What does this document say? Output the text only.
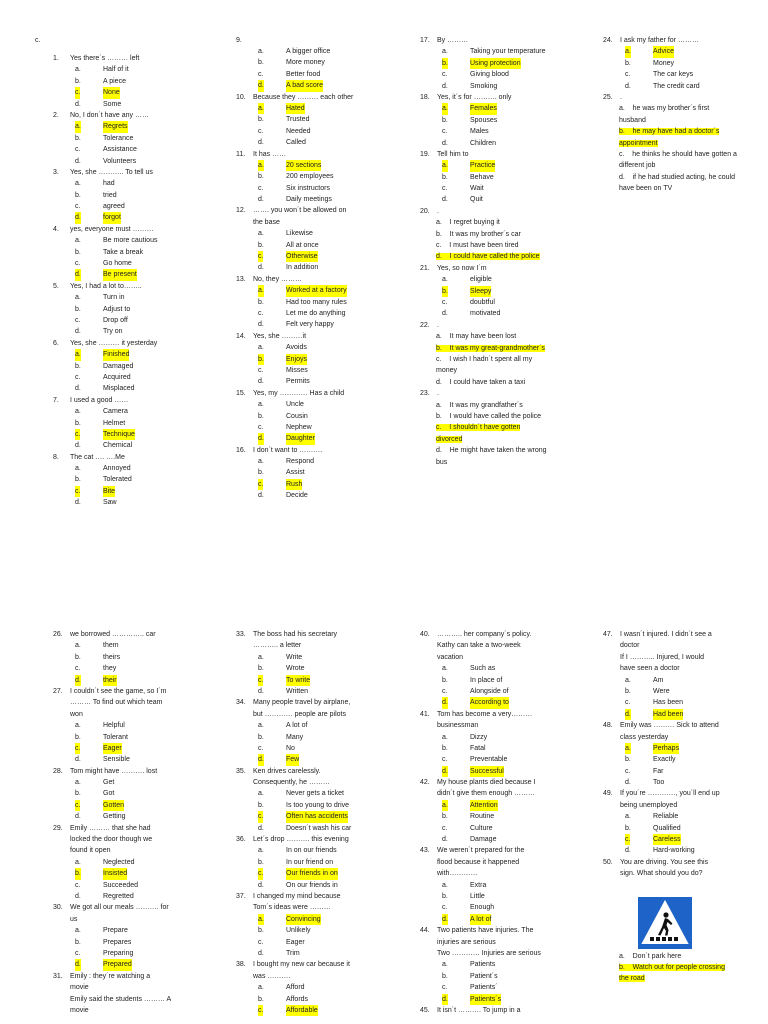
c.
1. Yes there´s ……… left
a.	Half of it
b.	A piece
c.	None
d.	Some
2. No, I don´t have any ……
a.	Regrets
b.	Tolerance
c.	Assistance
d.	Volunteers
3. Yes, she ……….. To tell us
a.	had
b.	tried
c.	agreed
d.	forgot
4. yes, everyone must ………
a.	Be more cautious
b.	Take a break
c.	Go home
d.	Be present
5. Yes, I had a lot to……..
a.	Turn in
b.	Adjust to
c.	Drop off
d.	Try on
6. Yes, she ……… it yesterday
a.	Finished
b.	Damaged
c.	Acquired
d.	Misplaced
7. I used a good ……
a.	Camera
b.	Helmet
c.	Technique
d.	Chemical
8. The cat …. ….Me
a.	Annoyed
b.	Tolerated
c.	Bite
d.	Saw
9.
a.	A bigger office
b.	More money
c.	Better food
d.	A bad score
10. Because they ……… each other
a.	Hated
b.	Trusted
c.	Needed
d.	Called
11. It has ……
a.	20 sections
b.	200 employees
c.	Six instructors
d.	Daily meetings
12. ……. you won´t be allowed on
the base
a.	Likewise
b.	All at once
c.	Otherwise
d.	In addition
13. No, they ………
a.	Worked at a factory
b.	Had too many rules
c.	Let me do anything
d.	Felt very happy
14. Yes, she ………it
a.	Avoids
b.	Enjoys
c.	Misses
d.	Permits
15. Yes, my ………… Has a child
a.	Uncle
b.	Cousin
c.	Nephew
d.	Daughter
16. I don´t want to ……….
a.	Respond
b.	Assist
c.	Rush
d.	Decide
17. By ………
a.	Taking your temperature
b.	Using protection
c.	Giving blood
d.	Smoking
18. Yes, it´s for ………. only
a.	Females
b.	Spouses
c.	Males
d.	Children
19. Tell him to
a.	Practice
b.	Behave
c.	Wait
d.	Quit
20. .
a. I regret buying it
b. It was my brother´s car
c. I must have been tired
d. I could have called the police
21. Yes, so now I´m
a.	eligible
b.	Sleepy
c.	doubtful
d.	motivated
22. .
a. It may have been lost
b. It was my great-grandmother´s
c. I wish I hadn´t spent all my money
d. I could have taken a taxi
23. .
a. It was my grandfather´s
b. I would have called the police
c. I shouldn´t have gotten divorced
d. He might have taken the wrong bus
24. I ask my father for ………
a.	Advice
b.	Money
c.	The car keys
d.	The credit card
25. .
a. he was my brother´s first husband
b. he may have had a doctor´s appointment
c. he thinks he should have gotten a different job
d. if he had studied acting, he could have been on TV
26. we borrowed ………….. car
a.	them
b.	theirs
c.	they
d.	their
27. I couldn´t see the game, so I´m
……… To find out which team
won
a.	Helpful
b.	Tolerant
c.	Eager
d.	Sensible
28. Tom might have ………. lost
a.	Get
b.	Got
c.	Gotten
d.	Getting
29. Emily ……… that she had
locked the door though we
found it open
a.	Neglected
b.	Insisted
c.	Succeeded
d.	Regretted
30. We got all our meals ………. for
us
a.	Prepare
b.	Prepares
c.	Preparing
d.	Prepared
31. Emily : they´re watching a
movie
Emily said the students ……… A
movie
33. The boss had his secretary
……….. a letter
a.	Write
b.	Wrote
c.	To write
d.	Written
34. Many people travel by airplane,
but ………… people are pilots
a.	A lot of
b.	Many
c.	No
d.	Few
35. Ken drives carelessly.
Consequently, he ………
a.	Never gets a ticket
b.	Is too young to drive
c.	Often has accidents
d.	Doesn´t wash his car
36. Let´s drop ………. this evening
a.	In on our friends
b.	In our friend on
c.	Our friends in on
d.	On our friends in
37. I changed my mind because
Tom´s ideas were ………
a.	Convincing
b.	Unlikely
c.	Eager
d.	Trim
38. I bought my new car because it
was ……….
a.	Afford
b.	Affords
c.	Affordable
40. ……….. her company´s policy.
Kathy can take a two-week
vacation
a.	Such as
b.	In place of
c.	Alongside of
d.	According to
41. Tom has become a very………
businessman
a.	Dizzy
b.	Fatal
c.	Preventable
d.	Successful
42. My house plants died because I
didn´t give them enough ………
a.	Attention
b.	Routine
c.	Culture
d.	Damage
43. We weren´t prepared for the
flood because it happened
with…………
a.	Extra
b.	Little
c.	Enough
d.	A lot of
44. Two patients have injuries. The
injuries are serious
Two ………… Injuries are serious
a.	Patients
b.	Patient´s
c.	Patients´
d.	Patients´s
45. It isn´t ………. To jump in a
47. I wasn´t injured. I didn´t see a
doctor
If I ……….. Injured, I would
have seen a doctor
a.	Am
b.	Were
c.	Has been
d.	Had been
48. Emily was ……… Sick to attend
class yesterday
a.	Perhaps
b.	Exactly
c.	Far
d.	Too
49. If you´re …………, you´ll end up
being unemployed
a.	Reliable
b.	Qualified
c.	Careless
d.	Hard-working
50. You are driving. You see this
sign. What should you do?
a. Don´t park here
b. Watch out for people crossing the road
